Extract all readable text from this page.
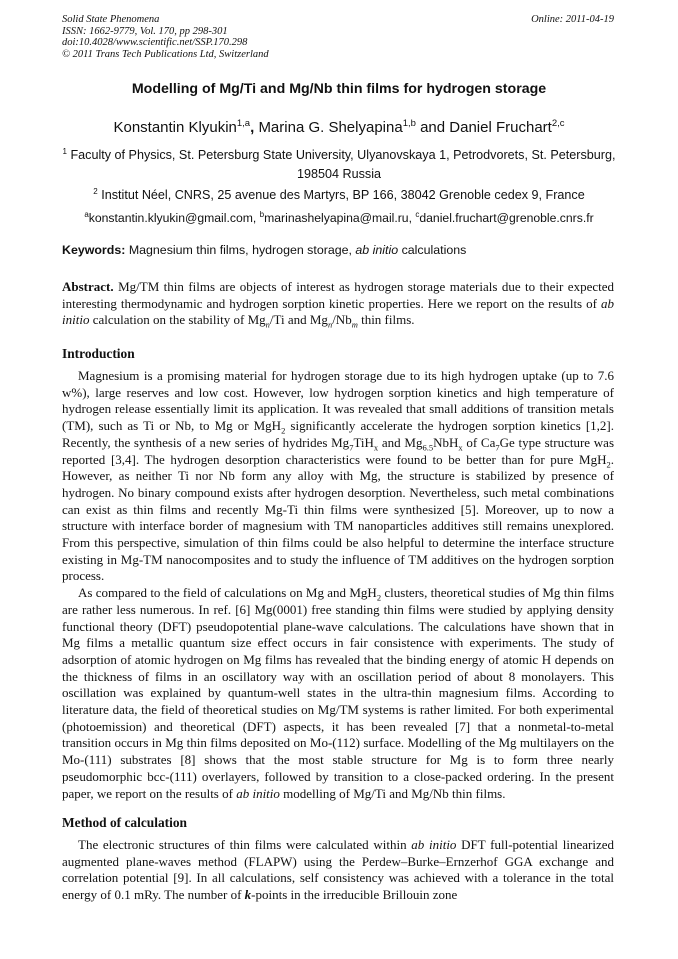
Solid State Phenomena
ISSN: 1662-9779, Vol. 170, pp 298-301
doi:10.4028/www.scientific.net/SSP.170.298
© 2011 Trans Tech Publications Ltd, Switzerland
Online: 2011-04-19
Modelling of Mg/Ti and Mg/Nb thin films for hydrogen storage
Konstantin Klyukin$^{1,a}$, Marina G. Shelyapina$^{1,b}$ and Daniel Fruchart$^{2,c}$
$^1$ Faculty of Physics, St. Petersburg State University, Ulyanovskaya 1, Petrodvorets, St. Petersburg, 198504 Russia
$^2$ Institut Néel, CNRS, 25 avenue des Martyrs, BP 166, 38042 Grenoble cedex 9, France
$^a$konstantin.klyukin@gmail.com, $^b$marinashelyapina@mail.ru, $^c$daniel.fruchart@grenoble.cnrs.fr
Keywords: Magnesium thin films, hydrogen storage, ab initio calculations

Abstract. Mg/TM thin films are objects of interest as hydrogen storage materials due to their expected interesting thermodynamic and hydrogen sorption kinetic properties. Here we report on the results of ab initio calculation on the stability of $Mg_n/Ti$ and $Mg_n/Nb_m$ thin films.

Introduction

Magnesium is a promising material for hydrogen storage due to its high hydrogen uptake (up to 7.6 w%), large reserves and low cost. However, low hydrogen sorption kinetics and high temperature of hydrogen release essentially limit its application. It was revealed that small additions of transition metals (TM), such as Ti or Nb, to Mg or MgH$_2$ significantly accelerate the hydrogen sorption kinetics [1,2]. Recently, the synthesis of a new series of hydrides $Mg_7TiH_x$ and $Mg_{6.5}NbH_x$ of $Ca_7Ge$ type structure was reported [3,4]. The hydrogen desorption characteristics were found to be better than for pure MgH$_2$. However, as neither Ti nor Nb form any alloy with Mg, the structure is stabilized by presence of hydrogen. No binary compound exists after hydrogen desorption. Nevertheless, such metal combinations can exist as thin films and recently Mg-Ti thin films were synthesized [5]. Moreover, up to now a structure with interface border of magnesium with TM nanoparticles additives still remains unexplored. From this perspective, simulation of thin films could be also helpful to determine the interface structure existing in Mg-TM nanocomposites and to study the influence of TM additives on the hydrogen sorption process.

As compared to the field of calculations on Mg and MgH$_2$ clusters, theoretical studies of Mg thin films are rather less numerous. In ref. [6] Mg(0001) free standing thin films were studied by applying density functional theory (DFT) pseudopotential plane-wave calculations. The calculations have shown that in Mg films a metallic quantum size effect occurs in fair consistence with experiments. The study of adsorption of atomic hydrogen on Mg films has revealed that the binding energy of atomic H depends on the thickness of films in an oscillatory way with an oscillation period of about 8 monolayers. This oscillation was explained by quantum-well states in the ultra-thin magnesium films. According to literature data, the field of theoretical studies on Mg/TM systems is rather limited. For both experimental (photoemission) and theoretical (DFT) aspects, it has been revealed [7] that a nonmetal-to-metal transition occurs in Mg thin films deposited on Mo-(112) surface. Modelling of the Mg multilayers on the Mo-(111) substrates [8] shows that the most stable structure for Mg is to form three nearly pseudomorphic bcc-(111) overlayers, followed by transition to a close-packed ordering. In the present paper, we report on the results of ab initio modelling of Mg/Ti and Mg/Nb thin films.

Method of calculation

The electronic structures of thin films were calculated within ab initio DFT full-potential linearized augmented plane-waves method (FLAPW) using the Perdew–Burke–Ernzerhof GGA exchange and correlation potential [9]. In all calculations, self consistency was achieved with a tolerance in the total energy of 0.1 mRy. The number of k-points in the irreducible Brillouin zone
